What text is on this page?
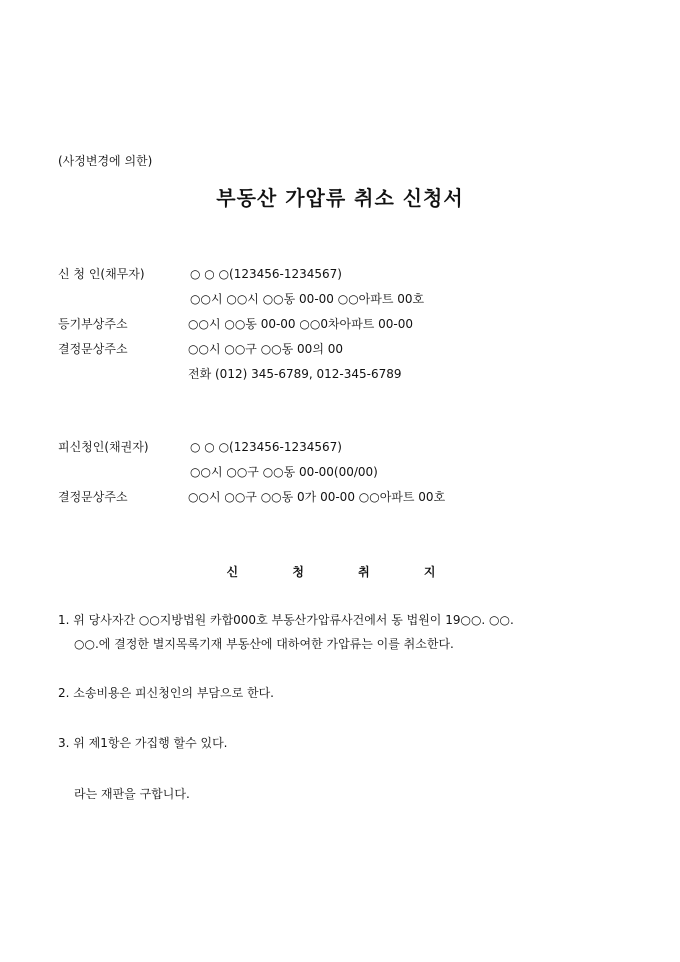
(사정변경에 의한)
부동산 가압류 취소 신청서
신 청 인(채무자)	○ ○ ○(123456-1234567)
○○시 ○○시 ○○동 00-00 ○○아파트 00호
등기부상주소	○○시 ○○동 00-00 ○○0차아파트 00-00
결정문상주소	○○시 ○○구 ○○동 00의 00
전화 (012) 345-6789, 012-345-6789
피신청인(채권자)	○ ○ ○(123456-1234567)
○○시 ○○구 ○○동 00-00(00/00)
결정문상주소	○○시 ○○구 ○○동 0가 00-00 ○○아파트 00호
신 청 취 지
1. 위 당사자간 ○○지방법원 카합000호 부동산가압류사건에서 동 법원이 19○○. ○○.
○○.에 결정한 별지목록기재 부동산에 대하여한 가압류는 이를 취소한다.
2. 소송비용은 피신청인의 부담으로 한다.
3. 위 제1항은 가집행 할수 있다.
라는 재판을 구합니다.
